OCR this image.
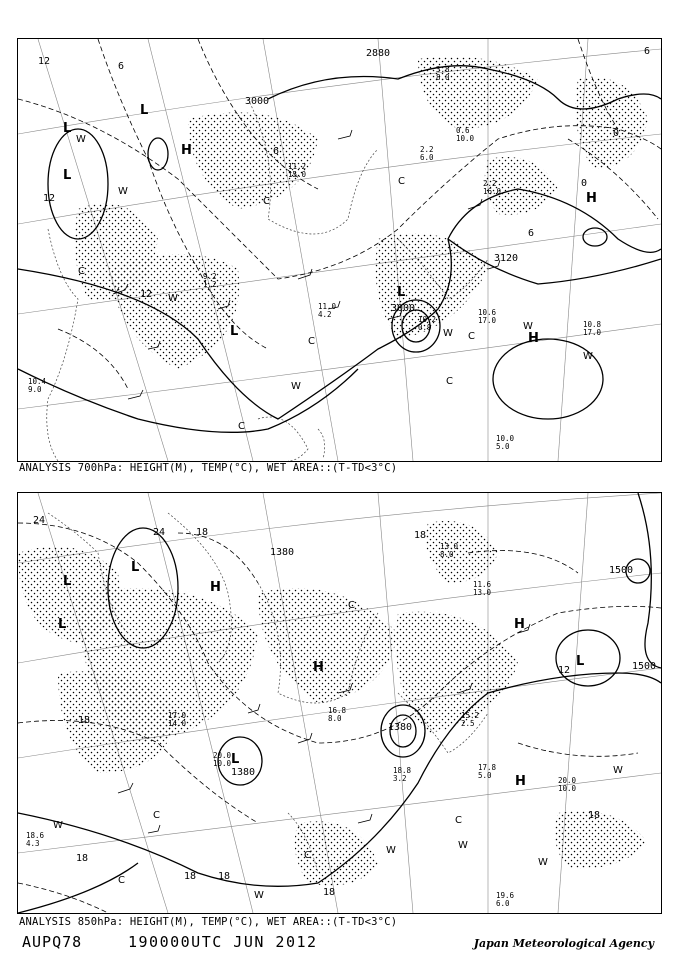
3000
2880
3120
3000
12
12
12
6
6
6
0
0
6
L
L
L
H
L
L
H
H
W
W
W
W
W
W
W
C
C
C
C	C
C
C
3.8
8.0
0.6
10.0
2.2
6.0
2.2
16.0
10.2
0.9
10.6
17.0	10.8
17.0
10.0
5.0
11.0
4.2
11.2
15.0
9.2
1.2
10.4
9.0
ANALYSIS 700hPa: HEIGHT(M), TEMP(°C), WET AREA::(T-TD<3°C)
1380
1500
1500
1380
1380
24
24	18	18
18
18
18
18 18
12
18
L
L
H
L
H
L
H
L
H
W
W
W
W
W
W
C
C	C
C
C
13.0
8.0
11.6
13.0
17.8
5.0
20.0
10.0
19.6
6.0
15.2
2.5
16.8
8.0
20.0
10.0
18.8
3.2
17.0
14.0
18.6
4.3
ANALYSIS 850hPa: HEIGHT(M), TEMP(°C), WET AREA::(T-TD<3°C)
AUPQ78	190000UTC JUN 2012	Japan Meteorological Agency
